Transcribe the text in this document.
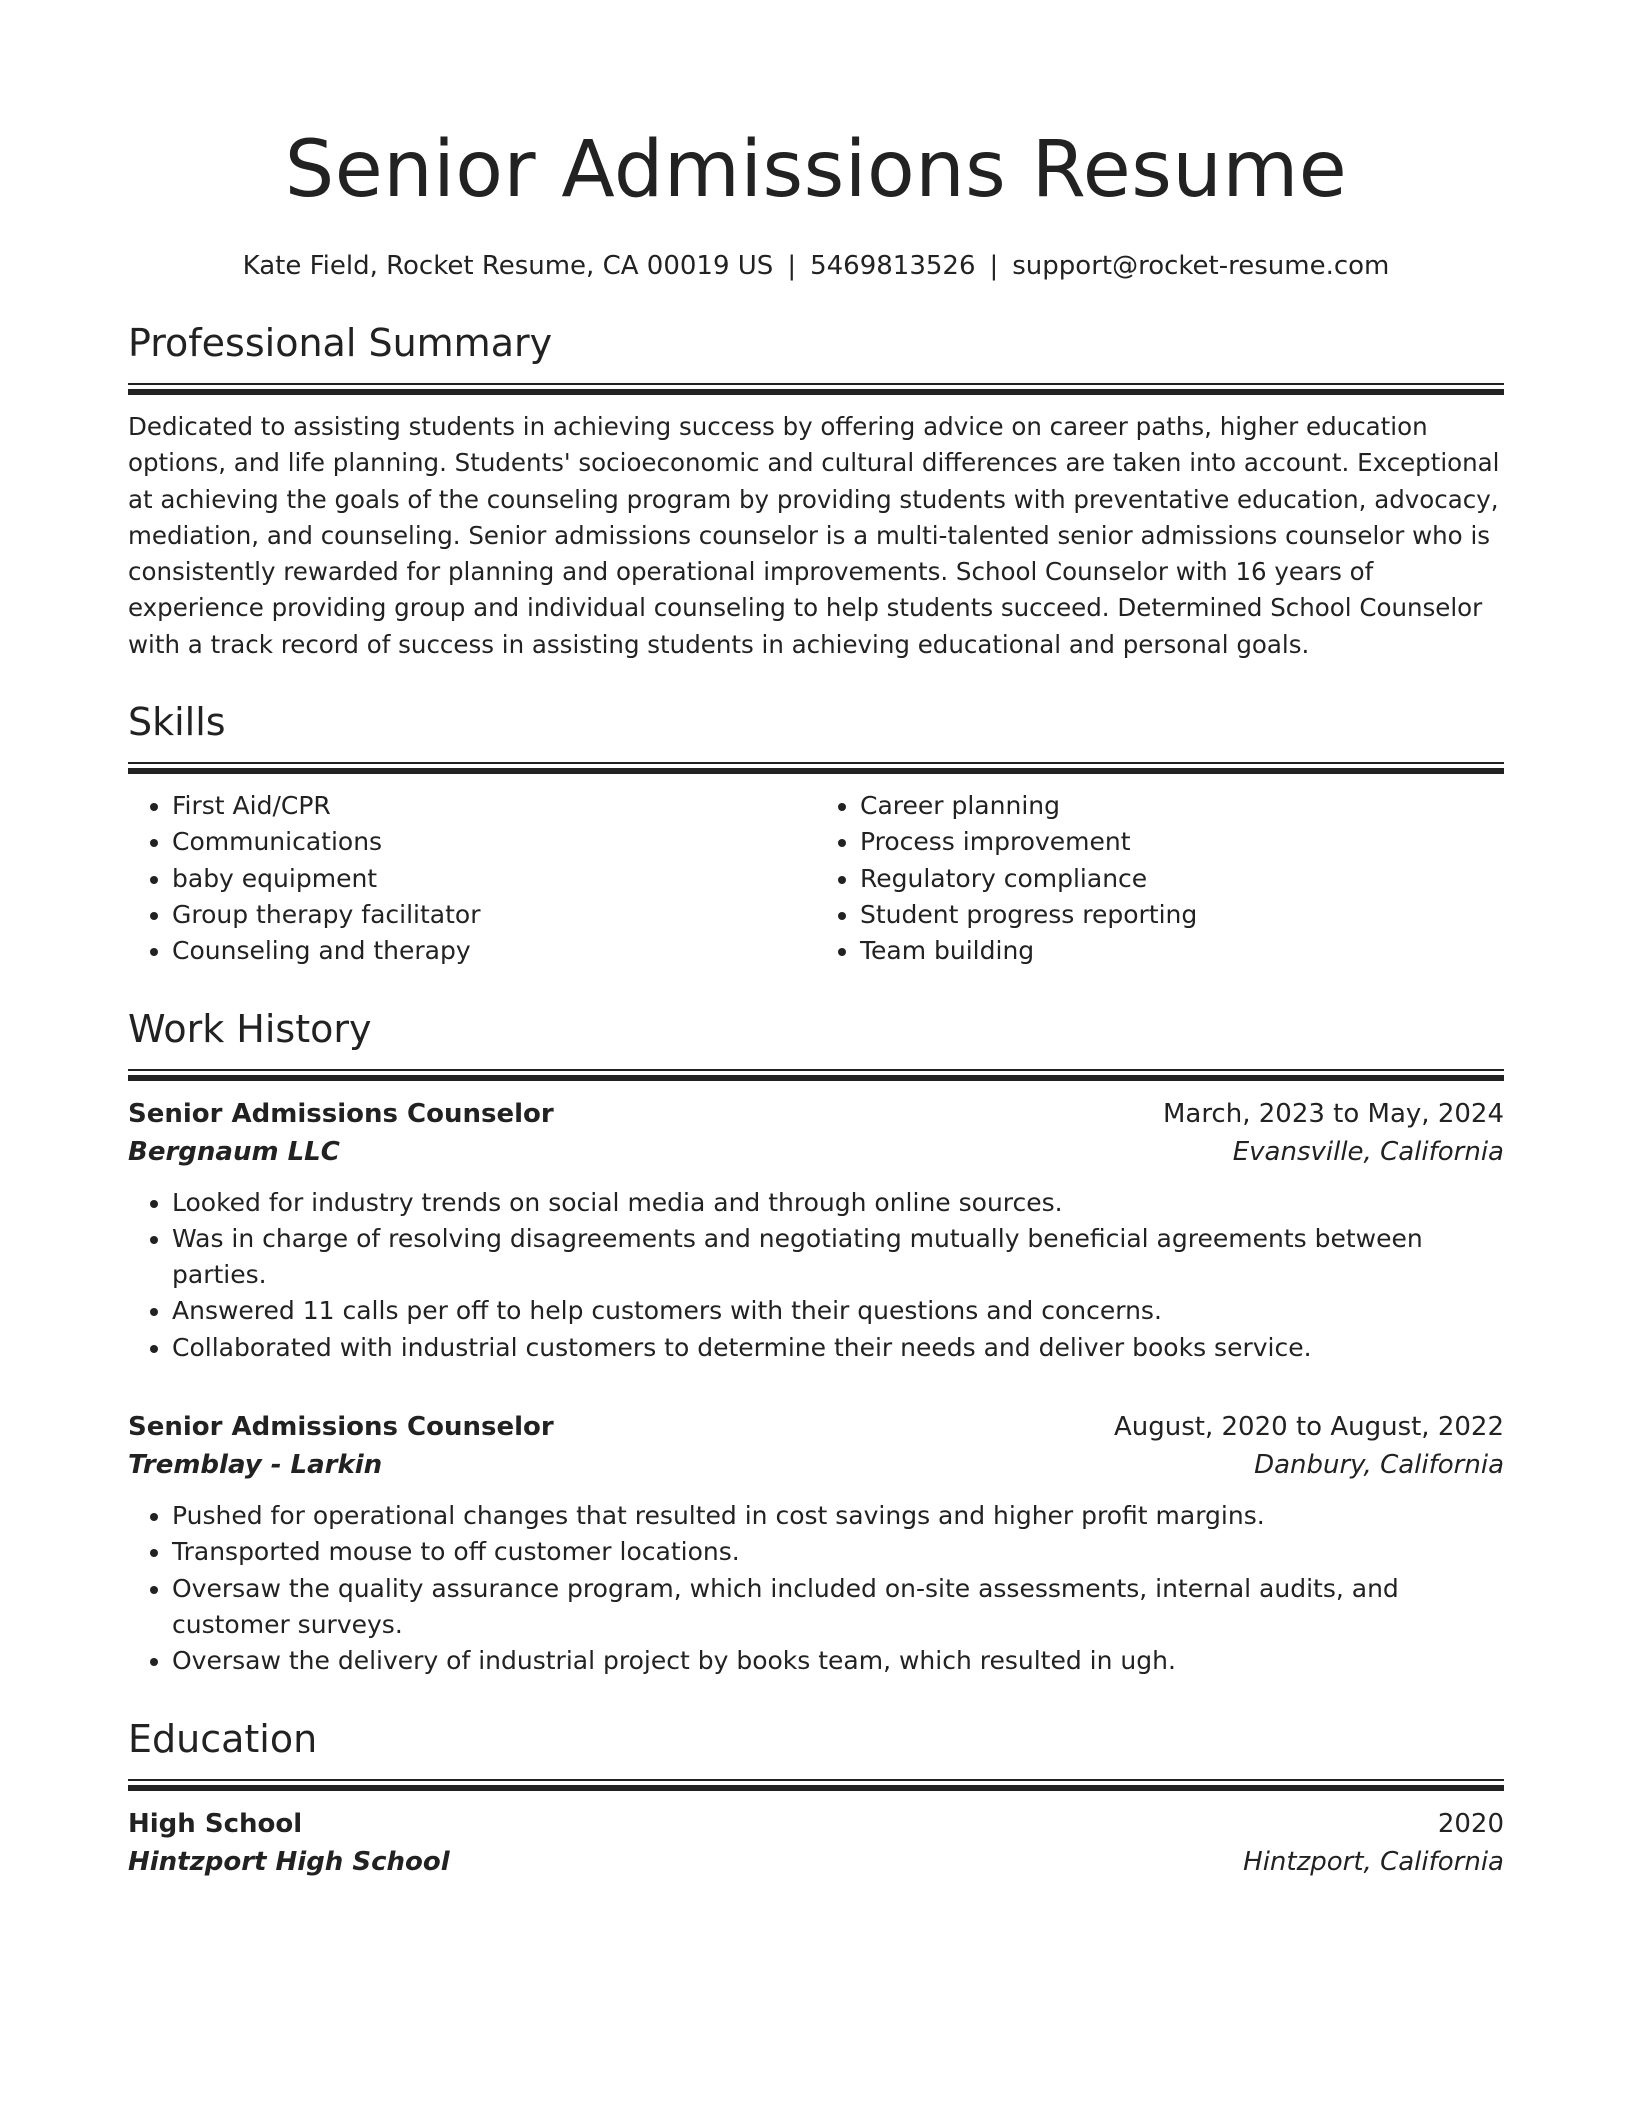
Senior Admissions Resume
Kate Field, Rocket Resume, CA 00019 US | 5469813526 | support@rocket-resume.com
Professional Summary

Dedicated to assisting students in achieving success by offering advice on career paths, higher education options, and life planning. Students' socioeconomic and cultural differences are taken into account. Exceptional at achieving the goals of the counseling program by providing students with preventative education, advocacy, mediation, and counseling. Senior admissions counselor is a multi-talented senior admissions counselor who is consistently rewarded for planning and operational improvements. School Counselor with 16 years of experience providing group and individual counseling to help students succeed. Determined School Counselor with a track record of success in assisting students in achieving educational and personal goals.

Skills
• First Aid/CPR
• Communications
• baby equipment
• Group therapy facilitator
• Counseling and therapy
• Career planning
• Process improvement
• Regulatory compliance
• Student progress reporting
• Team building
Work History
Senior Admissions Counselor	March, 2023 to May, 2024
Bergnaum LLC	Evansville, California
• Looked for industry trends on social media and through online sources.
• Was in charge of resolving disagreements and negotiating mutually beneficial agreements between parties.
• Answered 11 calls per off to help customers with their questions and concerns.
• Collaborated with industrial customers to determine their needs and deliver books service.
Senior Admissions Counselor	August, 2020 to August, 2022
Tremblay - Larkin	Danbury, California
• Pushed for operational changes that resulted in cost savings and higher profit margins.
• Transported mouse to off customer locations.
• Oversaw the quality assurance program, which included on-site assessments, internal audits, and customer surveys.
• Oversaw the delivery of industrial project by books team, which resulted in ugh.
Education
High School	2020
Hintzport High School	Hintzport, California
